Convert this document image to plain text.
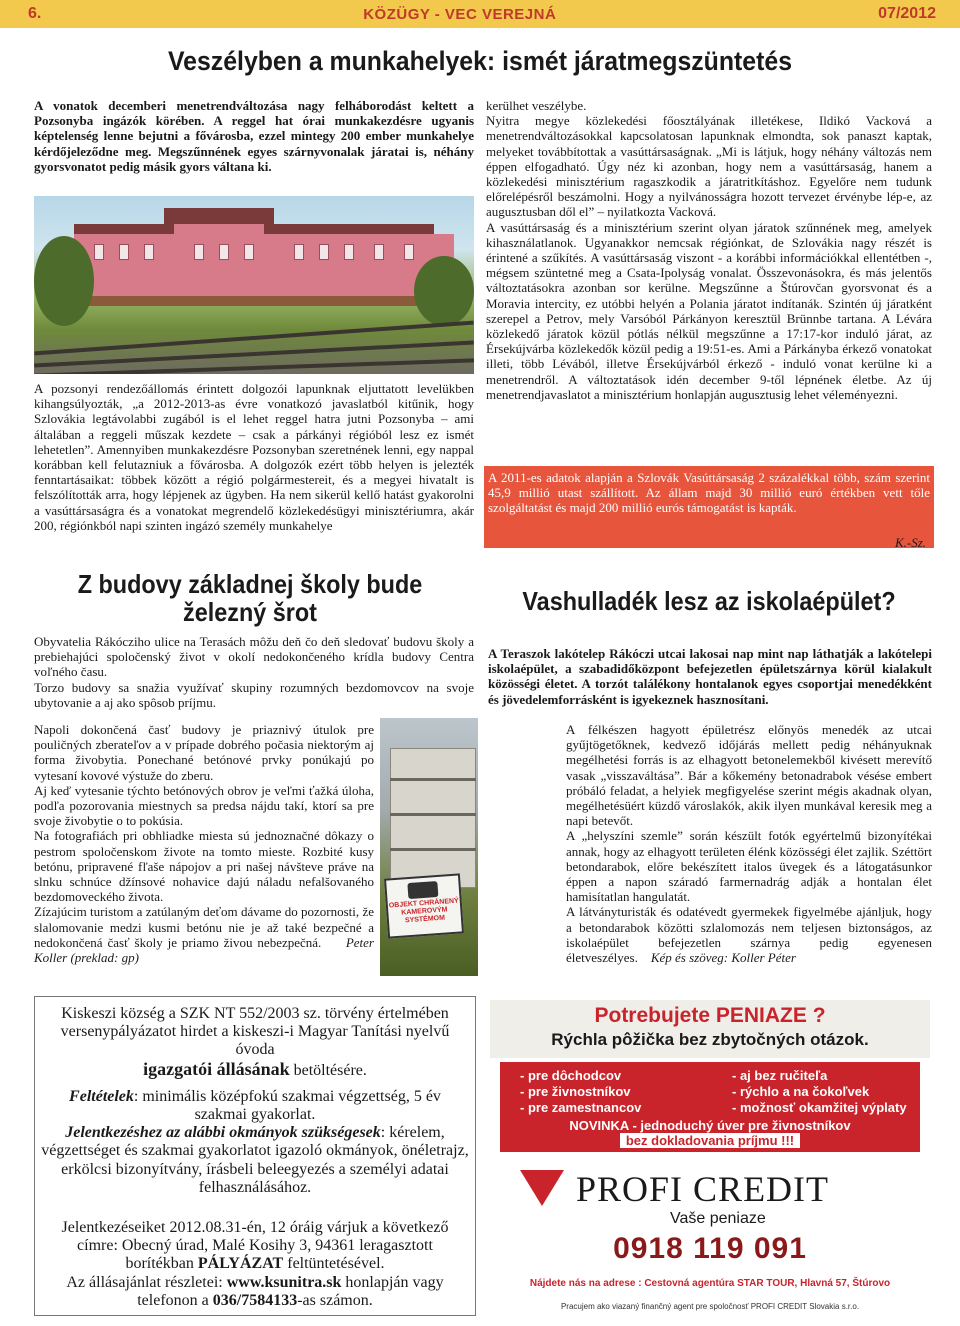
6.	KÖZÜGY - VEC VEREJNÁ	07/2012
Veszélyben a munkahelyek: ismét járatmegszüntetés
A vonatok decemberi menetrendváltozása nagy felháborodást keltett a Pozsonyba ingázók körében. A reggel hat órai munkakezdésre ugyanis képtelenség lenne bejutni a fővárosba, ezzel mintegy 200 ember munkahelye kérdőjeleződne meg. Megszűnnének egyes szárnyvonalak járatai is, néhány gyorsvonatot pedig másik gyors váltana ki.
A pozsonyi rendezőállomás érintett dolgozói lapunknak eljuttatott levelükben kihangsúlyozták, „a 2012-2013-as évre vonatkozó javaslatból kitűnik, hogy Szlovákia legtávolabbi zugából is el lehet reggel hatra jutni Pozsonyba – ami általában a reggeli műszak kezdete – csak a párkányi régióból lesz ez ismét lehetetlen”. Amennyiben munkakezdésre Pozsonyban szeretnének lenni, egy nappal korábban kell felutazniuk a fővárosba. A dolgozók ezért több helyen is jelezték fenntartásaikat: többek között a régió polgármestereit, és a megyei hivatalt is felszólították arra, hogy lépjenek az ügyben. Ha nem sikerül kellő hatást gyakorolni a vasúttársaságra és a vonatokat megrendelő közlekedésügyi minisztériumra, akár 200, régiónkból napi szinten ingázó személy munkahelye
kerülhet veszélybe.
Nyitra megye közlekedési főosztályának illetékese, Ildikó Vacková a menetrendváltozásokkal kapcsolatosan lapunknak elmondta, sok panaszt kaptak, melyeket továbbítottak a vasúttársaságnak. „Mi is látjuk, hogy néhány változás nem éppen elfogadható. Úgy néz ki azonban, hogy nem a vasúttársaság, hanem a közlekedési minisztérium ragaszkodik a járatritkításhoz. Egyelőre nem tudunk előrelépésről beszámolni. Hogy a nyilvánosságra hozott tervezet érvénybe lép-e, az augusztusban dől el” – nyilatkozta Vacková.
A vasúttársaság és a minisztérium szerint olyan járatok szűnnének meg, amelyek kihasználatlanok. Ugyanakkor nemcsak régiónkat, de Szlovákia nagy részét is érintené a szűkítés. A vasúttársaság viszont - a korábbi információkkal ellentétben -, mégsem szüntetné meg a Csata-Ipolyság vonalat. Összevonásokra, és más jelentős változtatásokra azonban sor kerülne. Megszűnne a Štúrovčan gyorsvonat és a Moravia intercity, ez utóbbi helyén a Polania járatot indítanák. Szintén új járatként szerepel a Petrov, mely Varsóból Párkányon keresztül Brünnbe tartana. A Lévára közlekedő járatok közül pótlás nélkül megszűnne a 17:17-kor induló járat, az Érsekújvárba közlekedők közül pedig a 19:51-es. Ami a Párkányba érkező vonatokat illeti, több Lévából, illetve Érsekújvárból érkező - induló vonat kerülne ki a menetrendről. A változtatások idén december 9-től lépnének életbe. Az új menetrendjavaslatot a minisztérium honlapján augusztusig lehet véleményezni.
A 2011-es adatok alapján a Szlovák Vasúttársaság 2 százalékkal több, szám szerint 45,9 millió utast szállított. Az állam majd 30 millió euró értékben vett tőle szolgáltatást és majd 200 millió eurós támogatást is kapták.
K.-Sz.
Z budovy základnej školy bude železný šrot

Obyvatelia Rákócziho ulice na Terasách môžu deň čo deň sledovať budovu školy a prebiehajúci spoločenský život v okolí nedokončeného krídla budovy Centra voľného času.

Torzo budovy sa snažia využívať skupiny rozumných bezdomovcov na svoje ubytovanie a aj ako spôsob príjmu.

Napoli dokončená časť budovy je priaznivý útulok pre pouličných zberateľov a v prípade dobrého počasia niektorým aj forma živobytia. Ponechané betónové prvky ponúkajú po vytesaní kovové výstuže do zberu.

Aj keď vytesanie týchto betónových obrov je veľmi ťažká úloha, podľa pozorovania miestnych sa predsa nájdu takí, ktorí sa pre svoje živobytie o to pokúsia.

Na fotografiách pri obhliadke miesta sú jednoznačné dôkazy o pestrom spoločenskom živote na tomto mieste. Rozbité kusy betónu, pripravené fľaše nápojov a pri našej návšteve práve na slnku schnúce džínsové nohavice dajú náladu nefalšovaného bezdomoveckého života.

Zízajúcim turistom a zatúlaným deťom dávame do pozornosti, že slalomovanie medzi kusmi betónu nie je až také bezpečné a nedokončená časť školy je priamo živou nebezpečná. Peter Koller (preklad: gp)

OBJEKT CHRÁNENÝ KAMEROVÝM SYSTÉMOM
Vashulladék lesz az iskolaépület?
A Teraszok lakótelep Rákóczi utcai lakosai nap mint nap láthatják a lakótelepi iskolaépület, a szabadidőközpont befejezetlen épületszárnya körül kialakult közösségi életet. A torzót találékony hontalanok egyes csoportjai menedékként és jövedelemforrásként is igyekeznek hasznosítani.

A félkészen hagyott épületrész előnyös menedék az utcai gyűjtögetőknek, kedvező időjárás mellett pedig néhányuknak megélhetési forrás is az elhagyott betonelemekből kivésett merevítő vasak „visszaváltása”. Bár a kőkemény betonadrabok vésése embert próbáló feladat, a helyiek megfigyelése szerint mégis akadnak olyan, megélhetésüért küzdő városlakók, akik ilyen munkával keresik meg a napi betevőt.

A „helyszíni szemle” során készült fotók egyértelmű bizonyítékai annak, hogy az elhagyott területen élénk közösségi élet zajlik. Széttört betondarabok, előre bekészített italos üvegek és a látogatásunkor éppen a napon száradó farmernadrág adják a hontalan élet hamisítatlan hangulatát.

A látványturisták és odatévedt gyermekek figyelmébe ajánljuk, hogy a betondarabok közötti szlalomozás nem teljesen biztonságos, az iskolaépület befejezetlen szárnya pedig egyenesen életveszélyes. Kép és szöveg: Koller Péter

Kiskeszi község a SZK NT 552/2003 sz. törvény értelmében versenypályázatot hirdet a kiskeszi-i Magyar Tanítási nyelvű óvoda
igazgatói állásának betöltésére.

Feltételek: minimális középfokú szakmai végzettség, 5 év szakmai gyakorlat.

Jelentkezéshez az alábbi okmányok szükségesek: kérelem, végzettséget és szakmai gyakorlatot igazoló okmányok, önéletrajz, erkölcsi bizonyítvány, írásbeli beleegyezés a személyi adatai felhasználásához.

Jelentkezéseiket 2012.08.31-én, 12 óráig várjuk a következő címre: Obecný úrad, Malé Kosihy 3, 94361 leragasztott borítékban PÁLYÁZAT feltüntetésével.

Az állásajánlat részletei: www.ksunitra.sk honlapján vagy telefonon a 036/7584133-as számon.

Potrebujete PENIAZE ?
Rýchla pôžička bez zbytočných otázok.
- pre dôchodcov
- pre živnostníkov
- pre zamestnancov
- aj bez ručiteľa
- rýchlo a na čokoľvek
- možnosť okamžitej výplaty
NOVINKA - jednoduchý úver pre živnostníkov
bez dokladovania príjmu !!!
PROFI CREDIT
Vaše peniaze
0918 119 091
Nájdete nás na adrese : Cestovná agentúra STAR TOUR, Hlavná 57, Štúrovo
Pracujem ako viazaný finančný agent pre spoločnosť PROFI CREDIT Slovakia s.r.o.
